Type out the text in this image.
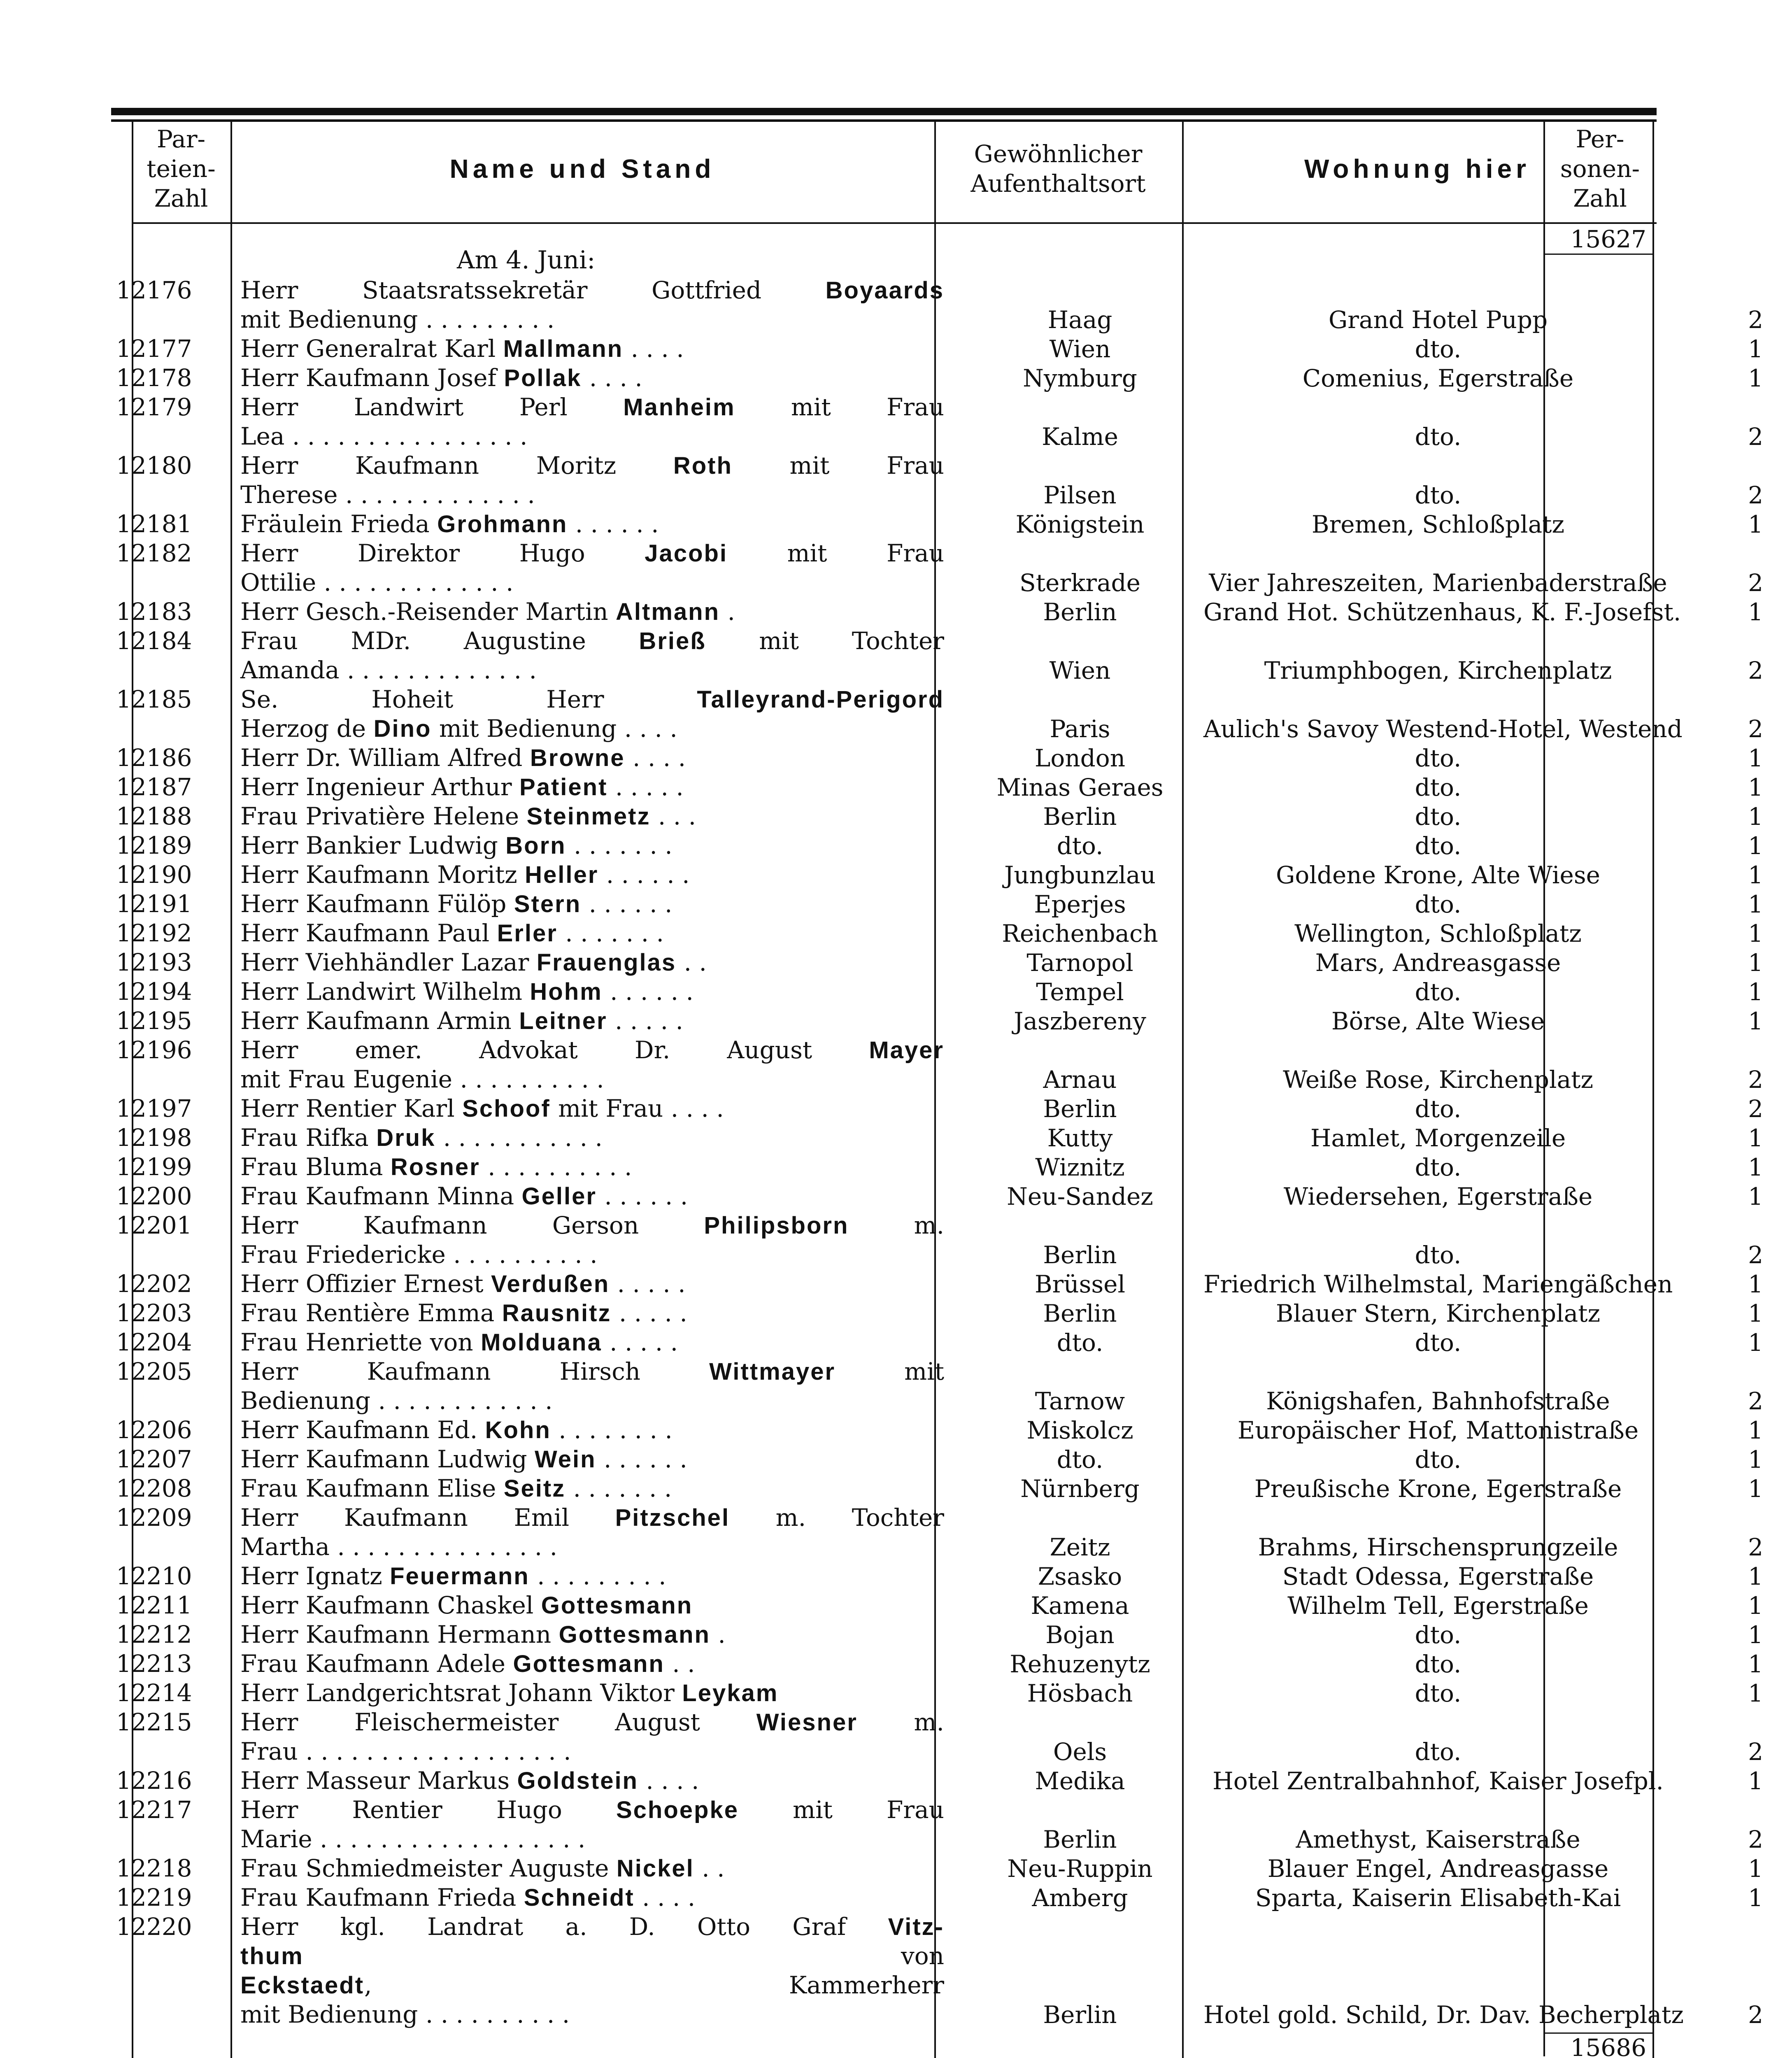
Par-
teien-
Zahl
Name und Stand	Gewöhnlicher
Aufenthaltsort	Wohnung hier
Per-
sonen-
Zahl
15627
Am 4. Juni:
12176	Herr Staatsratssekretär Gottfried Boyaards
mit Bedienung . . . . . . . . .	Haag	Grand Hotel Pupp	2
12177	Herr Generalrat Karl Mallmann . . . .	Wien	dto.	1
12178	Herr Kaufmann Josef Pollak . . . .	Nymburg	Comenius, Egerstraße	1
12179	Herr Landwirt Perl Manheim mit Frau
Lea . . . . . . . . . . . . . . . .	Kalme	dto.	2
12180	Herr Kaufmann Moritz Roth mit Frau
Therese . . . . . . . . . . . . .	Pilsen	dto.	2
12181	Fräulein Frieda Grohmann . . . . . .	Königstein	Bremen, Schloßplatz	1
12182	Herr Direktor Hugo Jacobi mit Frau
Ottilie . . . . . . . . . . . . .	Sterkrade	Vier Jahreszeiten, Marienbaderstraße	2
12183	Herr Gesch.-Reisender Martin Altmann .	Berlin	Grand Hot. Schützenhaus, K. F.-Josefst.	1
12184	Frau MDr. Augustine Brieß mit Tochter
Amanda . . . . . . . . . . . . .	Wien	Triumphbogen, Kirchenplatz	2
12185	Se. Hoheit Herr Talleyrand-Perigord
Herzog de Dino mit Bedienung . . . .	Paris	Aulich's Savoy Westend-Hotel, Westend	2
12186	Herr Dr. William Alfred Browne . . . .	London	dto.	1
12187	Herr Ingenieur Arthur Patient . . . . .	Minas Geraes	dto.	1
12188	Frau Privatière Helene Steinmetz . . .	Berlin	dto.	1
12189	Herr Bankier Ludwig Born . . . . . . .	dto.	dto.	1
12190	Herr Kaufmann Moritz Heller . . . . . .	Jungbunzlau	Goldene Krone, Alte Wiese	1
12191	Herr Kaufmann Fülöp Stern . . . . . .	Eperjes	dto.	1
12192	Herr Kaufmann Paul Erler . . . . . . .	Reichenbach	Wellington, Schloßplatz	1
12193	Herr Viehhändler Lazar Frauenglas . .	Tarnopol	Mars, Andreasgasse	1
12194	Herr Landwirt Wilhelm Hohm . . . . . .	Tempel	dto.	1
12195	Herr Kaufmann Armin Leitner . . . . .	Jaszbereny	Börse, Alte Wiese	1
12196	Herr emer. Advokat Dr. August Mayer
mit Frau Eugenie . . . . . . . . . .	Arnau	Weiße Rose, Kirchenplatz	2
12197	Herr Rentier Karl Schoof mit Frau . . . .	Berlin	dto.	2
12198	Frau Rifka Druk . . . . . . . . . . .	Kutty	Hamlet, Morgenzeile	1
12199	Frau Bluma Rosner . . . . . . . . . .	Wiznitz	dto.	1
12200	Frau Kaufmann Minna Geller . . . . . .	Neu-Sandez	Wiedersehen, Egerstraße	1
12201	Herr Kaufmann Gerson Philipsborn m.
Frau Friedericke . . . . . . . . . .	Berlin	dto.	2
12202	Herr Offizier Ernest Verdußen . . . . .	Brüssel	Friedrich Wilhelmstal, Mariengäßchen	1
12203	Frau Rentière Emma Rausnitz . . . . .	Berlin	Blauer Stern, Kirchenplatz	1
12204	Frau Henriette von Molduana . . . . .	dto.	dto.	1
12205	Herr Kaufmann Hirsch Wittmayer mit
Bedienung . . . . . . . . . . . .	Tarnow	Königshafen, Bahnhofstraße	2
12206	Herr Kaufmann Ed. Kohn . . . . . . . .	Miskolcz	Europäischer Hof, Mattonistraße	1
12207	Herr Kaufmann Ludwig Wein . . . . . .	dto.	dto.	1
12208	Frau Kaufmann Elise Seitz . . . . . . .	Nürnberg	Preußische Krone, Egerstraße	1
12209	Herr Kaufmann Emil Pitzschel m. Tochter
Martha . . . . . . . . . . . . . . .	Zeitz	Brahms, Hirschensprungzeile	2
12210	Herr Ignatz Feuermann . . . . . . . . .	Zsasko	Stadt Odessa, Egerstraße	1
12211	Herr Kaufmann Chaskel Gottesmann	Kamena	Wilhelm Tell, Egerstraße	1
12212	Herr Kaufmann Hermann Gottesmann .	Bojan	dto.	1
12213	Frau Kaufmann Adele Gottesmann . .	Rehuzenytz	dto.	1
12214	Herr Landgerichtsrat Johann Viktor Leykam	Hösbach	dto.	1
12215	Herr Fleischermeister August Wiesner m.
Frau . . . . . . . . . . . . . . . . . .	Oels	dto.	2
12216	Herr Masseur Markus Goldstein . . . .	Medika	Hotel Zentralbahnhof, Kaiser Josefpl.	1
12217	Herr Rentier Hugo Schoepke mit Frau
Marie . . . . . . . . . . . . . . . . . .	Berlin	Amethyst, Kaiserstraße	2
12218	Frau Schmiedmeister Auguste Nickel . .	Neu-Ruppin	Blauer Engel, Andreasgasse	1
12219	Frau Kaufmann Frieda Schneidt . . . .	Amberg	Sparta, Kaiserin Elisabeth-Kai	1
12220	Herr kgl. Landrat a. D. Otto Graf Vitz-
thum von
Eckstaedt, Kammerherr
mit Bedienung . . . . . . . . . .	Berlin	Hotel gold. Schild, Dr. Dav. Becherplatz	2
15686
